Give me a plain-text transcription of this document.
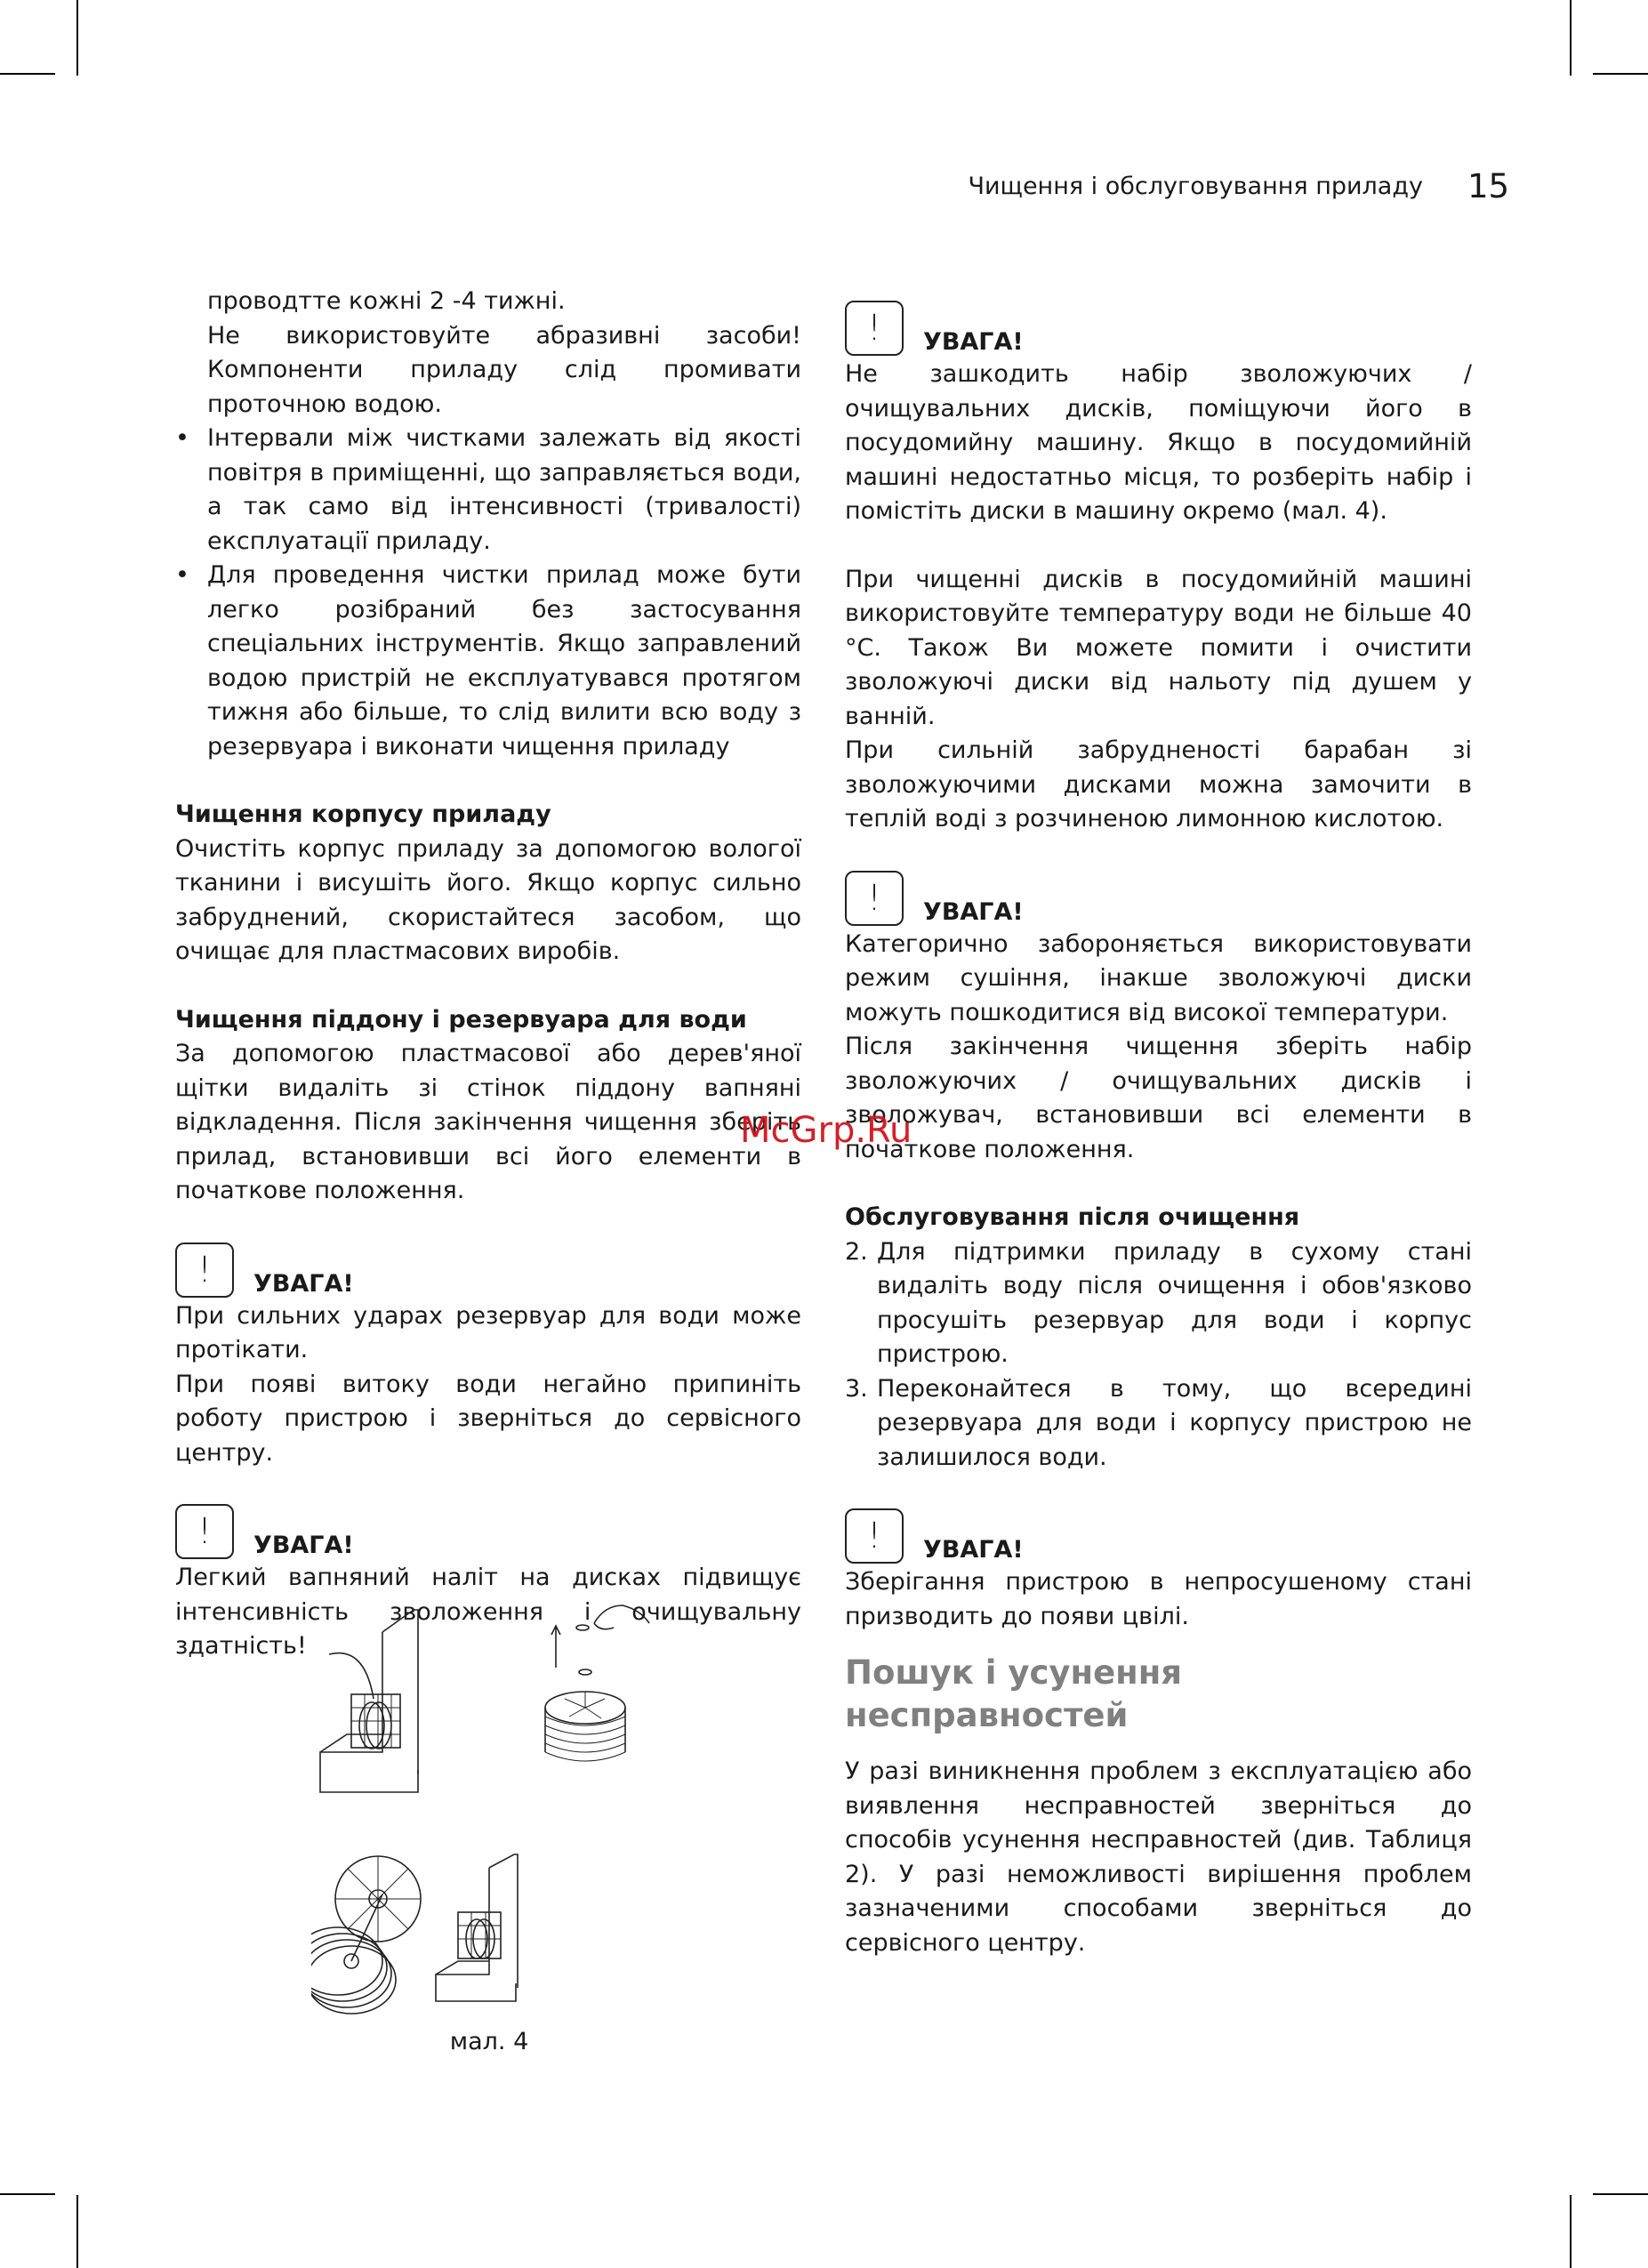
Чищення і обслуговування приладу 15

проводтте кожні 2 -4 тижні.

Не використовуйте абразивні засоби! Компоненти приладу слід промивати проточною водою.

• Інтервали між чистками залежать від якості повітря в приміщенні, що заправляється води, а так само від інтенсивності (тривалості) експлуатації приладу.
• Для проведення чистки прилад може бути легко розібраний без застосування спеціальних інструментів. Якщо заправлений водою пристрій не експлуатувався протягом тижня або більше, то слід вилити всю воду з резервуара і виконати чищення приладу
Чищення корпусу приладу

Очистіть корпус приладу за допомогою вологої тканини і висушіть його. Якщо корпус сильно забруднений, скористайтеся засобом, що очищає для пластмасових виробів.

Чищення піддону і резервуара для води

За допомогою пластмасової або дерев'яної щітки видаліть зі стінок піддону вапняні відкладення. Після закінчення чищення зберіть прилад, встановивши всі його елементи в початкове положення.

!	УВАГА!

При сильних ударах резервуар для води може протікати.

При появі витоку води негайно припиніть роботу пристрою і зверніться до сервісного центру.

!	УВАГА!

Легкий вапняний наліт на дисках підвищує інтенсивність зволоження і очищувальну здатність!

мал. 4
!	УВАГА!

Не зашкодить набір зволожуючих / очищувальних дисків, поміщуючи його в посудомийну машину. Якщо в посудомийній машині недостатньо місця, то розберіть набір і помістіть диски в машину окремо (мал. 4).

При чищенні дисків в посудомийній машині використовуйте температуру води не більше 40 °С. Також Ви можете помити і очистити зволожуючі диски від нальоту під душем у ванній.

При сильній забрудненості барабан зі зволожуючими дисками можна замочити в теплій воді з розчиненою лимонною кислотою.

!	УВАГА!

Категорично забороняється використовувати режим сушіння, інакше зволожуючі диски можуть пошкодитися від високої температури.

Після закінчення чищення зберіть набір зволожуючих / очищувальних дисків і зволожувач, встановивши всі елементи в початкове положення.

Обслуговування після очищення
2. Для підтримки приладу в сухому стані видаліть воду після очищення і обов'язково просушіть резервуар для води і корпус пристрою.
3. Переконайтеся в тому, що всередині резервуара для води і корпусу пристрою не залишилося води.
!	УВАГА!

Зберігання пристрою в непросушеному стані призводить до появи цвілі.

Пошук і усунення несправностей

У разі виникнення проблем з експлуатацією або виявлення несправностей зверніться до способів усунення несправностей (див. Таблиця 2). У разі неможливості вирішення проблем зазначеними способами зверніться до сервісного центру.

McGrp.Ru
